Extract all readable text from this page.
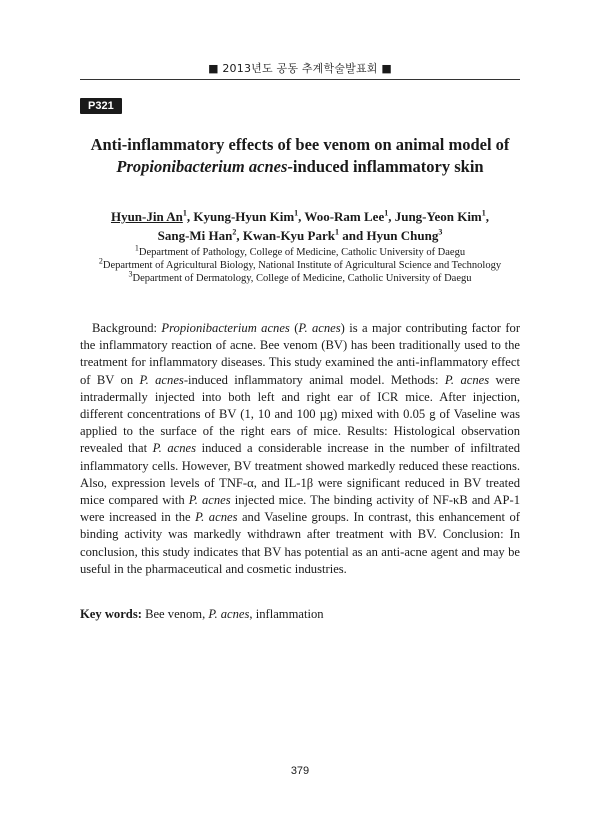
■ 2013년도 공동 추계학술발표회 ■
P321
Anti-inflammatory effects of bee venom on animal model of
Propionibacterium acnes-induced inflammatory skin
Hyun-Jin An$^1$, Kyung-Hyun Kim$^1$, Woo-Ram Lee$^1$, Jung-Yeon Kim$^1$,
Sang-Mi Han$^2$, Kwan-Kyu Park$^1$ and Hyun Chung$^3$
$^1$Department of Pathology, College of Medicine, Catholic University of Daegu
$^2$Department of Agricultural Biology, National Institute of Agricultural Science and Technology
$^3$Department of Dermatology, College of Medicine, Catholic University of Daegu
Background: Propionibacterium acnes (P. acnes) is a major contributing factor for the inflammatory reaction of acne. Bee venom (BV) has been traditionally used to the treatment for inflammatory diseases. This study examined the anti-inflammatory effect of BV on P. acnes-induced inflammatory animal model. Methods: P. acnes were intradermally injected into both left and right ear of ICR mice. After injection, different concentrations of BV (1, 10 and 100 µg) mixed with 0.05 g of Vaseline was applied to the surface of the right ears of mice. Results: Histological observation revealed that P. acnes induced a considerable increase in the number of infiltrated inflammatory cells. However, BV treatment showed markedly reduced these reactions. Also, expression levels of TNF-α, and IL-1β were significant reduced in BV treated mice compared with P. acnes injected mice. The binding activity of NF-κB and AP-1 were increased in the P. acnes and Vaseline groups. In contrast, this enhancement of binding activity was markedly withdrawn after treatment with BV. Conclusion: In conclusion, this study indicates that BV has potential as an anti-acne agent and may be useful in the pharmaceutical and cosmetic industries.
Key words: Bee venom, P. acnes, inflammation
379
